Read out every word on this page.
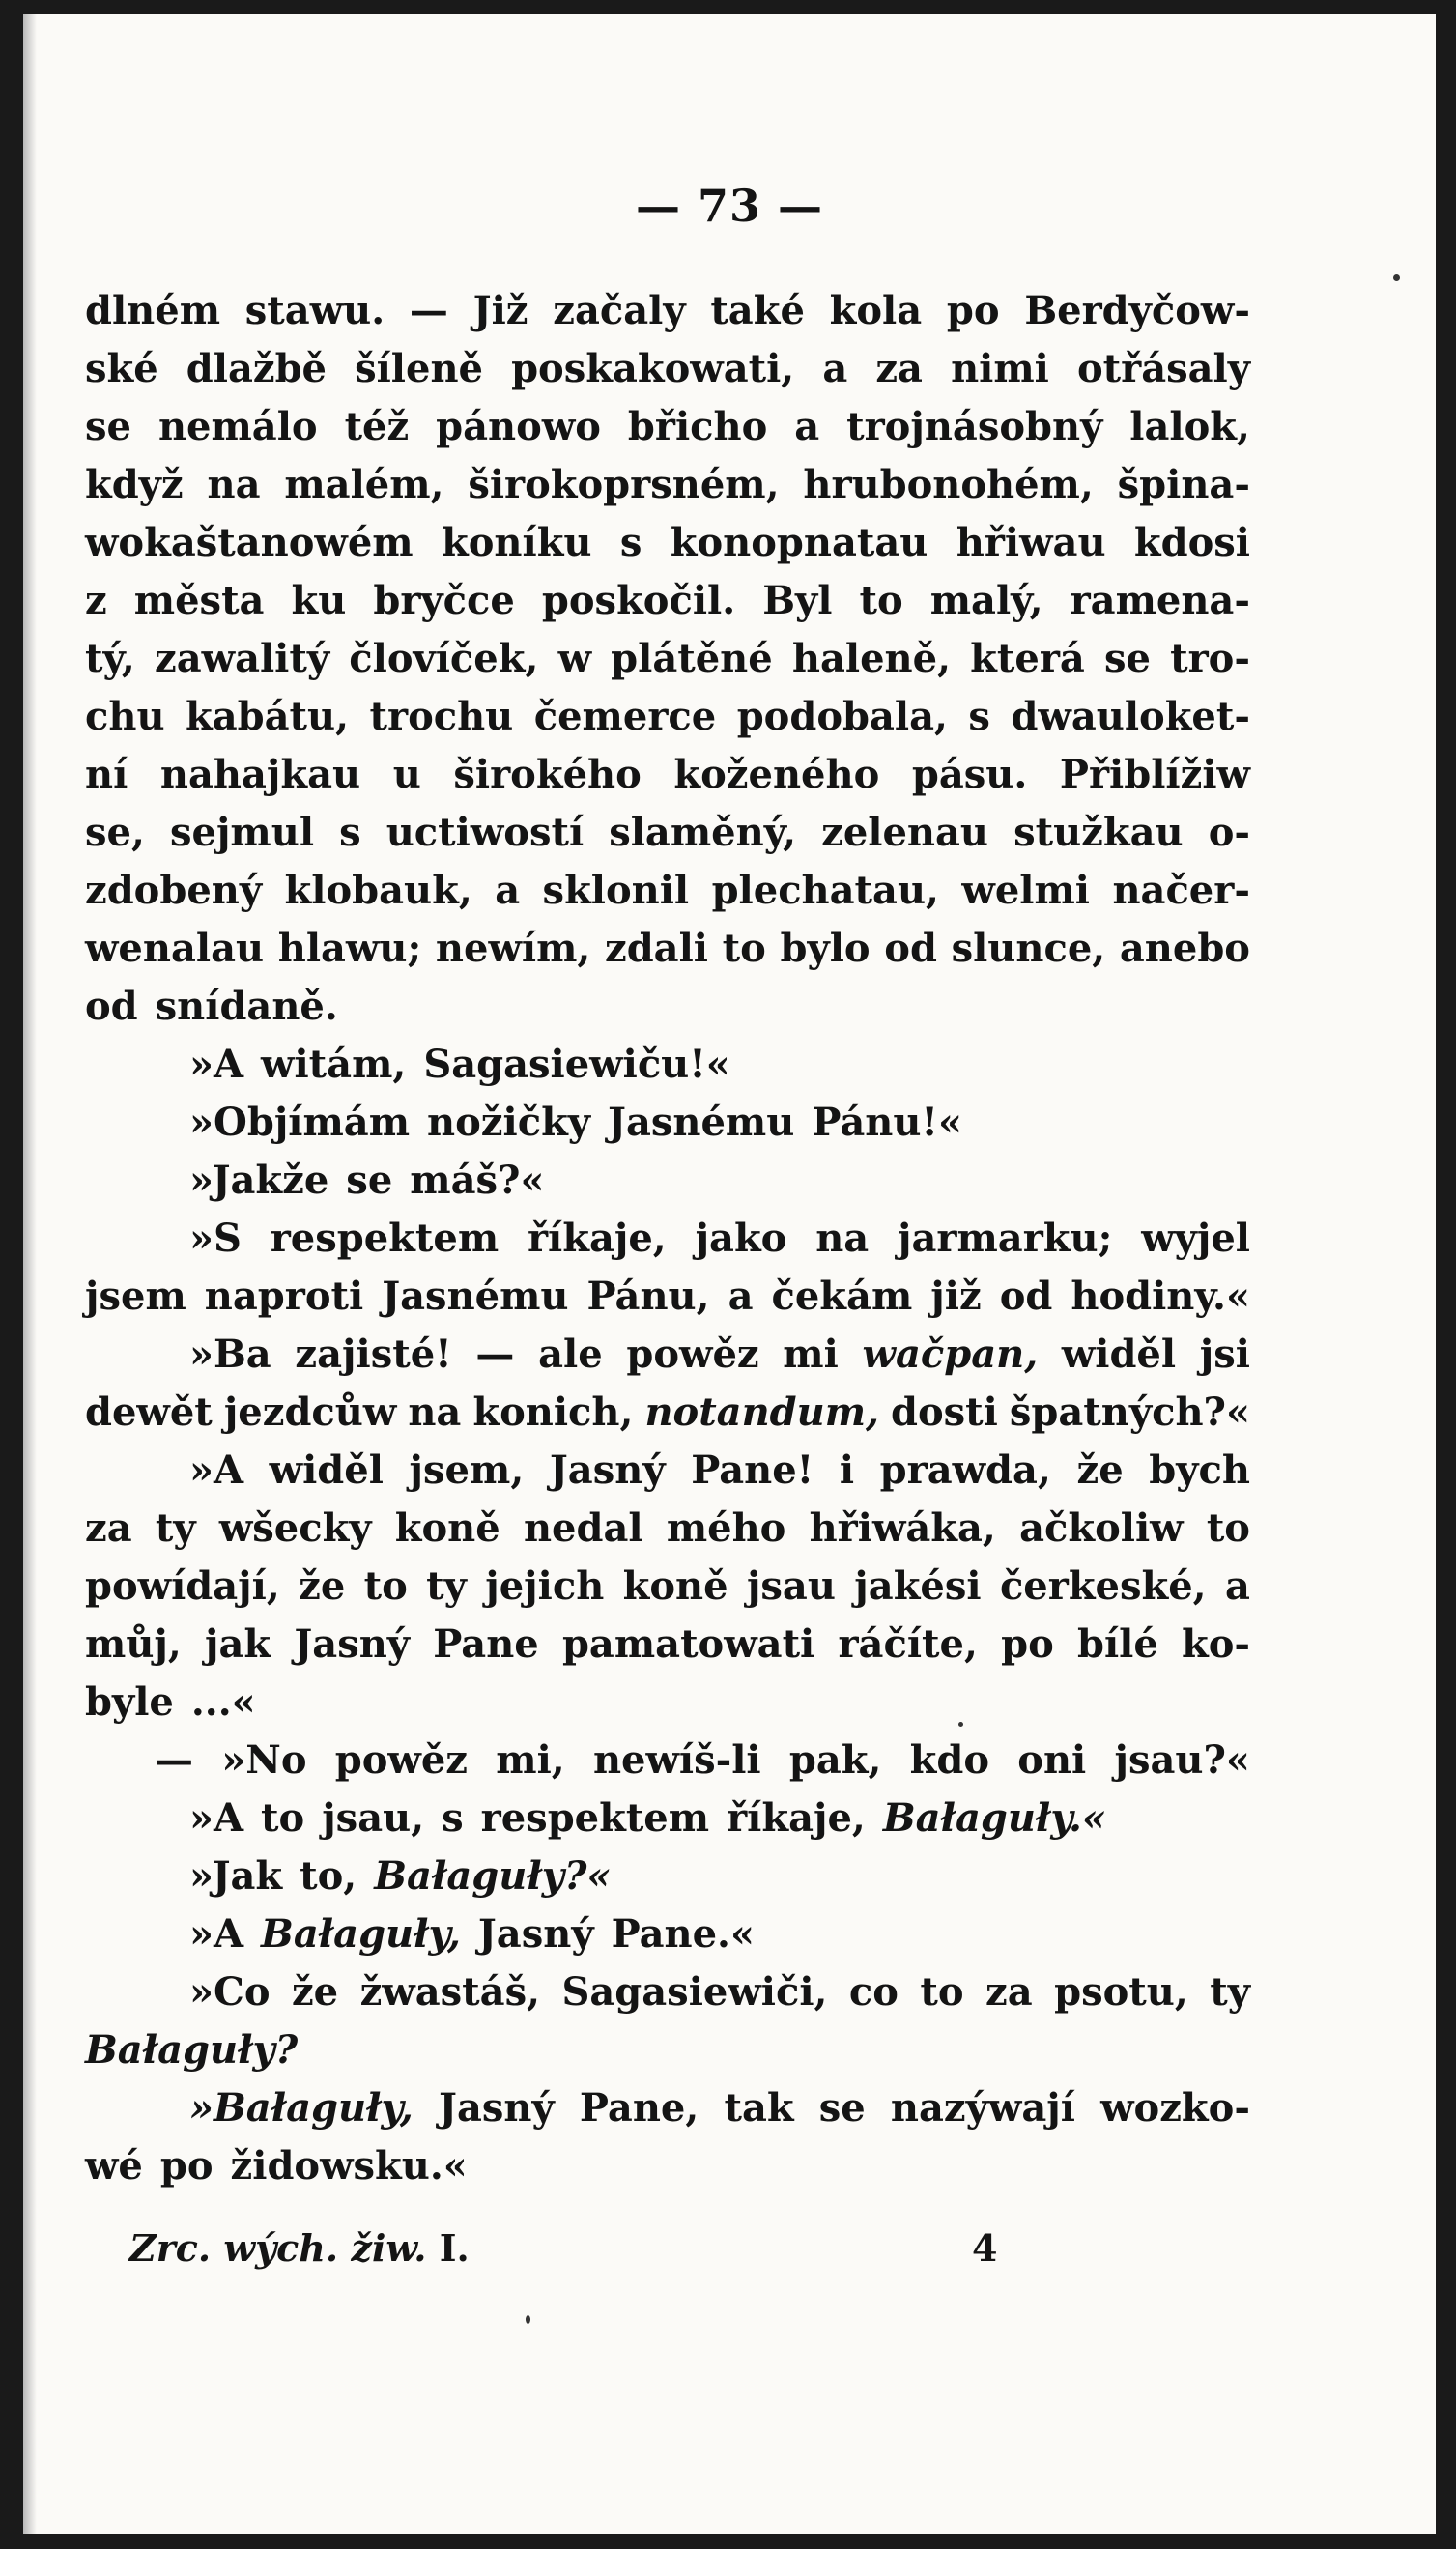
— 73 —
dlném stawu. — Již začaly také kola po Berdyčow-
ské dlažbě šíleně poskakowati, a za nimi otřásaly
se nemálo též pánowo břicho a trojnásobný lalok,
když na malém, širokoprsném, hrubonohém, špina-
wokaštanowém koníku s konopnatau hřiwau kdosi
z města ku bryčce poskočil. Byl to malý, ramena-
tý, zawalitý človíček, w plátěné haleně, která se tro-
chu kabátu, trochu čemerce podobala, s dwauloket-
ní nahajkau u širokého koženého pásu. Přiblížiw
se, sejmul s uctiwostí slaměný, zelenau stužkau o-
zdobený klobauk, a sklonil plechatau, welmi načer-
wenalau hlawu; newím, zdali to bylo od slunce, anebo
od snídaně.
»A witám, Sagasiewiču!«
»Objímám nožičky Jasnému Pánu!«
»Jakže se máš?«
»S respektem říkaje, jako na jarmarku; wyjel
jsem naproti Jasnému Pánu, a čekám již od hodiny.«
»Ba zajisté! — ale powěz mi wačpan, widěl jsi
dewět jezdcůw na konich, notandum, dosti špatných?«
»A widěl jsem, Jasný Pane! i prawda, že bych
za ty wšecky koně nedal mého hřiwáka, ačkoliw to
powídají, že to ty jejich koně jsau jakési čerkeské, a
můj, jak Jasný Pane pamatowati ráčíte, po bílé ko-
byle ...«
— »No powěz mi, newíš-li pak, kdo oni jsau?«
»A to jsau, s respektem říkaje, Bałaguły.«
»Jak to, Bałaguły?«
»A Bałaguły, Jasný Pane.«
»Co že žwastáš, Sagasiewiči, co to za psotu, ty
Bałaguły?
»Bałaguły, Jasný Pane, tak se nazýwají wozko-
wé po židowsku.«
Zrc. wých. žiw. I.	4
